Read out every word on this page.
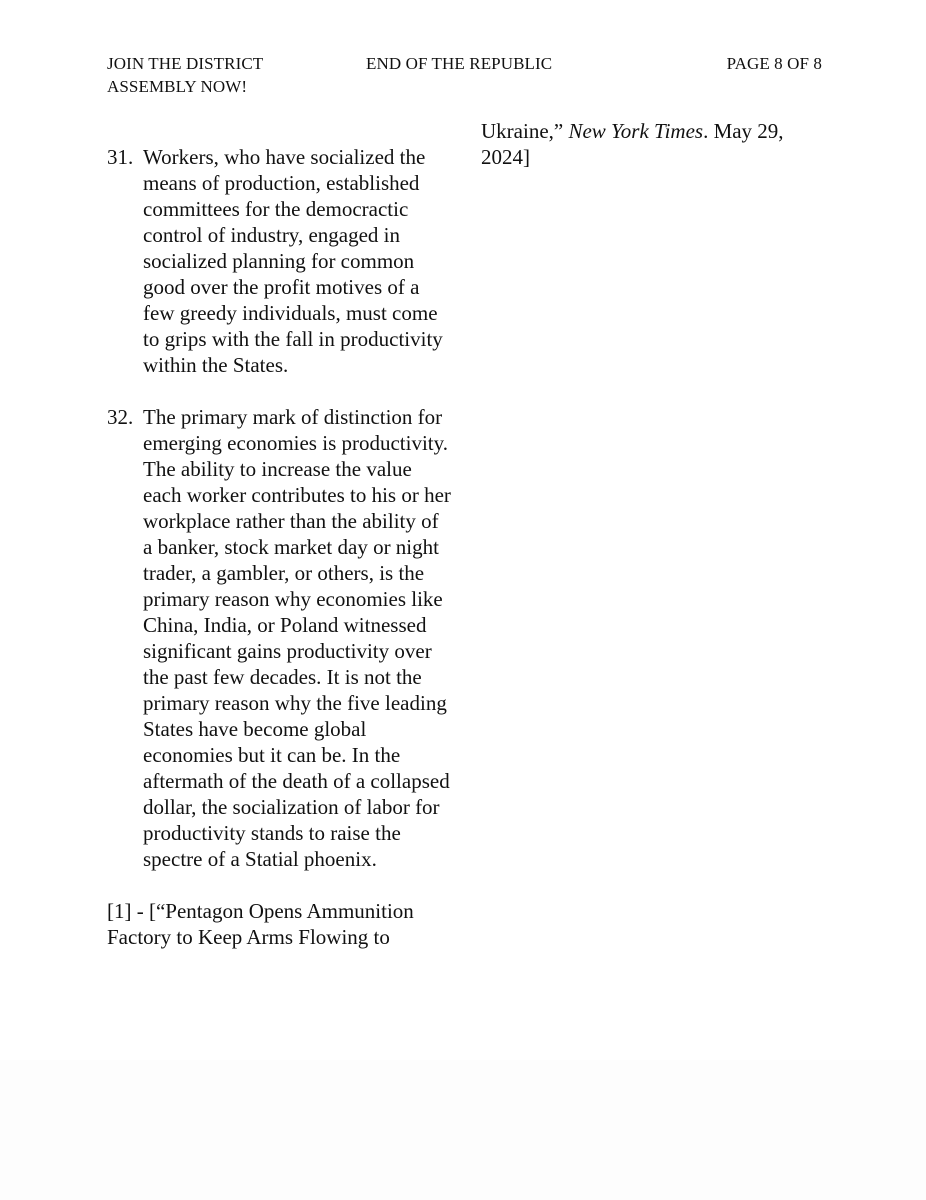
JOIN THE DISTRICT
ASSEMBLY NOW!
END OF THE REPUBLIC	PAGE 8 OF 8
31. Workers, who have socialized the means of production, established committees for the democractic control of industry, engaged in socialized planning for common good over the profit motives of a few greedy individuals, must come to grips with the fall in productivity within the States.

32. The primary mark of distinction for emerging economies is productivity. The ability to increase the value each worker contributes to his or her workplace rather than the ability of a banker, stock market day or night trader, a gambler, or others, is the primary reason why economies like China, India, or Poland witnessed significant gains productivity over the past few decades. It is not the primary reason why the five leading States have become global economies but it can be. In the aftermath of the death of a collapsed dollar, the socialization of labor for productivity stands to raise the spectre of a Statial phoenix.

[1] - [“Pentagon Opens Ammunition Factory to Keep Arms Flowing to

Ukraine,” New York Times. May 29, 2024]
